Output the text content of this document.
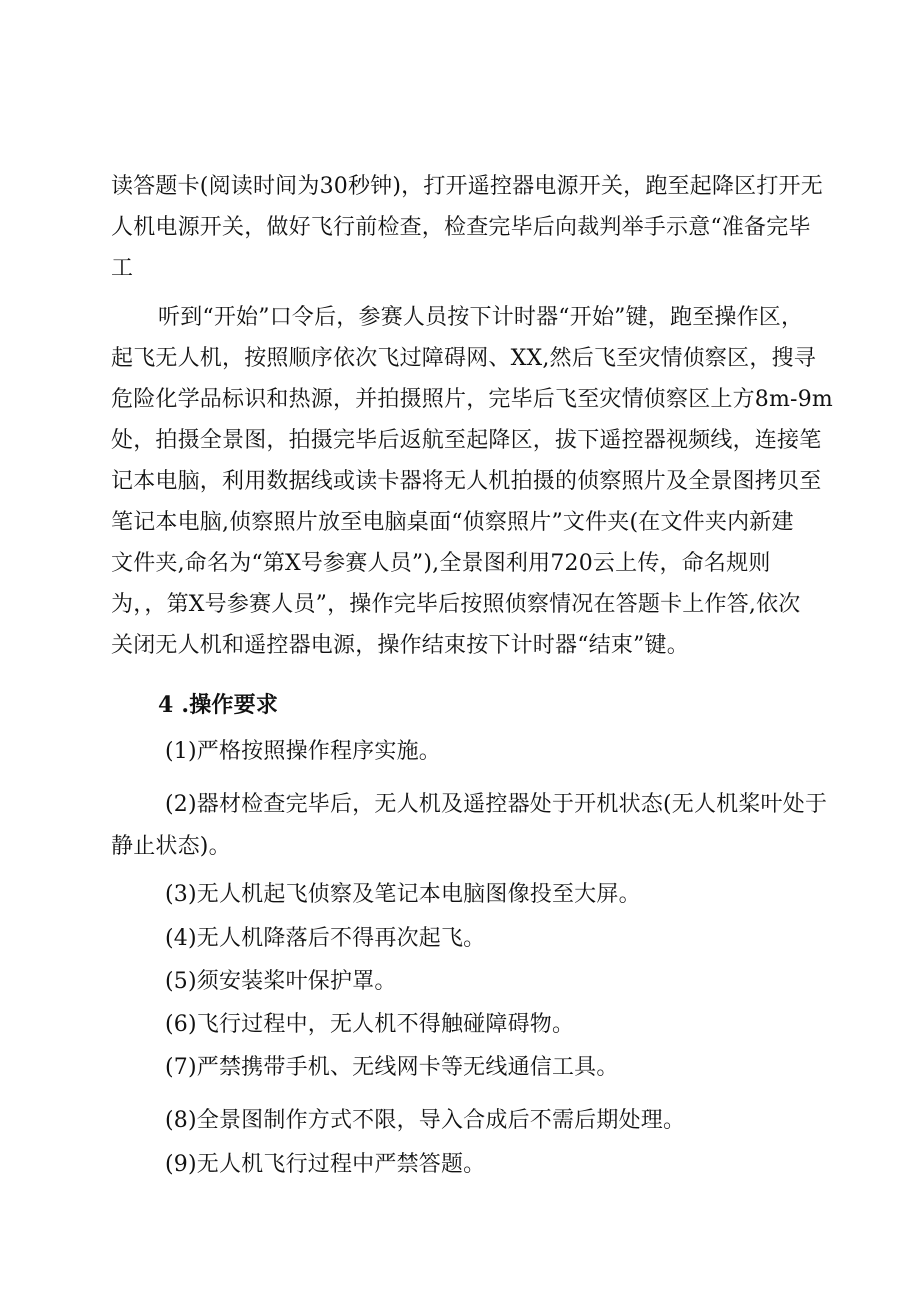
读答题卡(阅读时间为30秒钟)，打开遥控器电源开关，跑至起降区打开无
人机电源开关，做好飞行前检查，检查完毕后向裁判举手示意“准备完毕
工
听到“开始”口令后，参赛人员按下计时器“开始”键，跑至操作区，
起飞无人机，按照顺序依次飞过障碍网、XX,然后飞至灾情侦察区，搜寻
危险化学品标识和热源，并拍摄照片，完毕后飞至灾情侦察区上方8m-9m
处，拍摄全景图，拍摄完毕后返航至起降区，拔下遥控器视频线，连接笔
记本电脑，利用数据线或读卡器将无人机拍摄的侦察照片及全景图拷贝至
笔记本电脑,侦察照片放至电脑桌面“侦察照片”文件夹(在文件夹内新建
文件夹,命名为“第X号参赛人员”),全景图利用720云上传，命名规则
为，，第X号参赛人员”，操作完毕后按照侦察情况在答题卡上作答,依次
关闭无人机和遥控器电源，操作结束按下计时器“结束”键。
4 .操作要求
(1)严格按照操作程序实施。
(2)器材检查完毕后，无人机及遥控器处于开机状态(无人机桨叶处于
静止状态)。
(3)无人机起飞侦察及笔记本电脑图像投至大屏。
(4)无人机降落后不得再次起飞。
(5)须安装桨叶保护罩。
(6)飞行过程中，无人机不得触碰障碍物。
(7)严禁携带手机、无线网卡等无线通信工具。
(8)全景图制作方式不限，导入合成后不需后期处理。
(9)无人机飞行过程中严禁答题。
